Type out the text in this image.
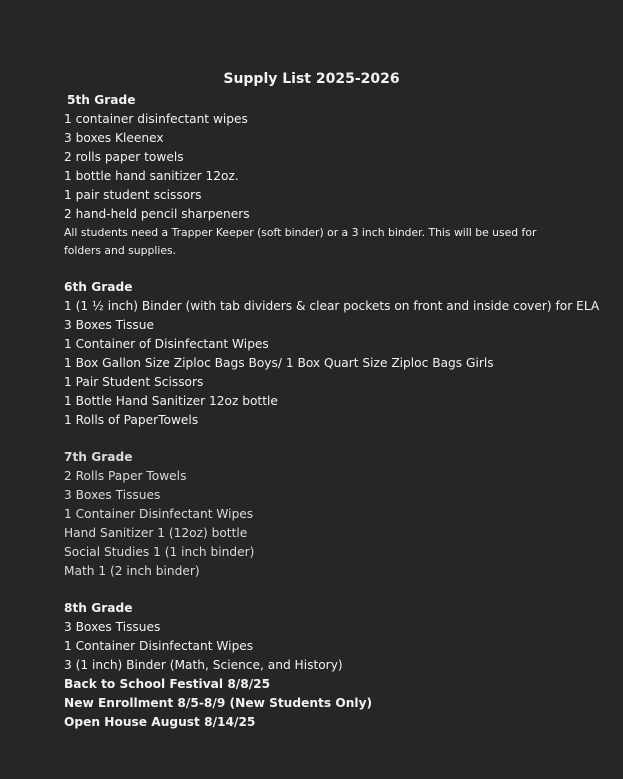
Supply List 2025-2026
5th Grade
1 container disinfectant wipes
3 boxes Kleenex
2 rolls paper towels
1 bottle hand sanitizer 12oz.
1 pair student scissors
2 hand-held pencil sharpeners
All students need a Trapper Keeper (soft binder) or a 3 inch binder. This will be used for folders and supplies.
6th Grade
1 (1 ½ inch) Binder (with tab dividers & clear pockets on front and inside cover) for ELA
3 Boxes Tissue
1 Container of Disinfectant Wipes
1 Box Gallon Size Ziploc Bags Boys/ 1 Box Quart Size Ziploc Bags Girls
1 Pair Student Scissors
1 Bottle Hand Sanitizer 12oz bottle
1 Rolls of PaperTowels
7th Grade
2 Rolls Paper Towels
3 Boxes Tissues
1 Container Disinfectant Wipes
Hand Sanitizer 1 (12oz) bottle
Social Studies 1 (1 inch binder)
Math 1 (2 inch binder)
8th Grade
3 Boxes Tissues
1 Container Disinfectant Wipes
3 (1 inch) Binder (Math, Science, and History)
Back to School Festival 8/8/25
New Enrollment 8/5-8/9 (New Students Only)
Open House August 8/14/25
